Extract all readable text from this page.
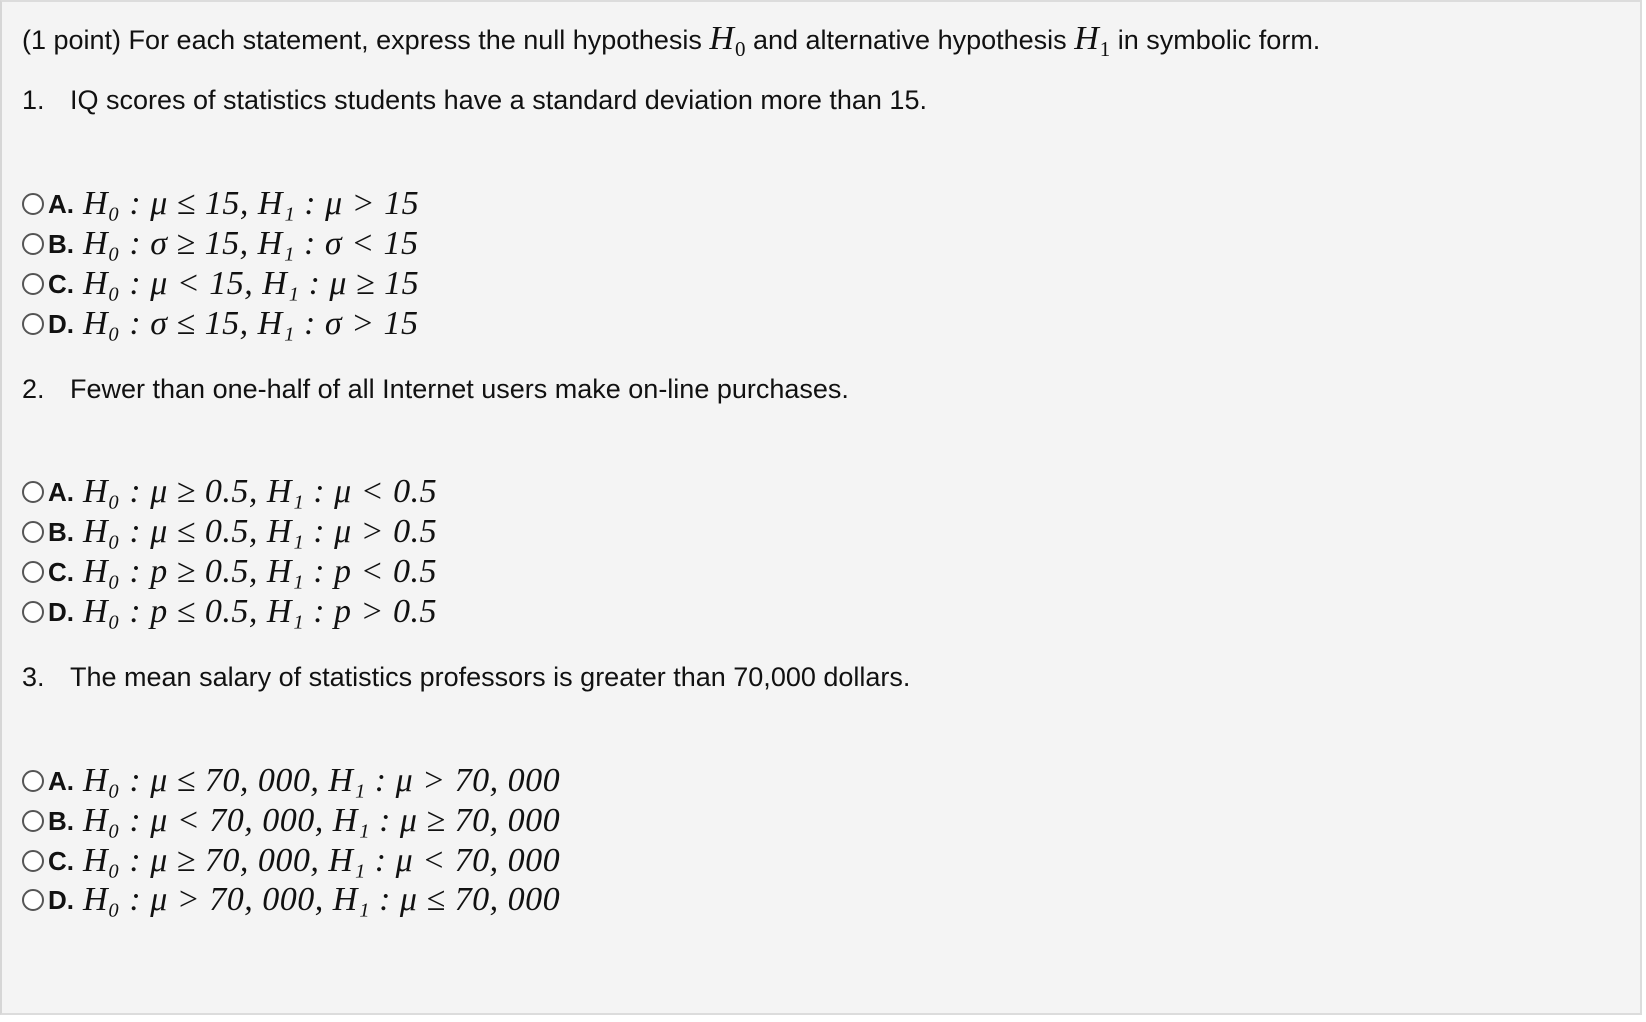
(1 point) For each statement, express the null hypothesis $H_0$ and alternative hypothesis $H_1$ in symbolic form.
1. IQ scores of statistics students have a standard deviation more than 15.
A. H₀ : μ ≤ 15, H₁ : μ > 15
B. H₀ : σ ≥ 15, H₁ : σ < 15
C. H₀ : μ < 15, H₁ : μ ≥ 15
D. H₀ : σ ≤ 15, H₁ : σ > 15
2. Fewer than one-half of all Internet users make on-line purchases.
A. H₀ : μ ≥ 0.5, H₁ : μ < 0.5
B. H₀ : μ ≤ 0.5, H₁ : μ > 0.5
C. H₀ : p ≥ 0.5, H₁ : p < 0.5
D. H₀ : p ≤ 0.5, H₁ : p > 0.5
3. The mean salary of statistics professors is greater than 70,000 dollars.
A. H₀ : μ ≤ 70, 000, H₁ : μ > 70, 000
B. H₀ : μ < 70, 000, H₁ : μ ≥ 70, 000
C. H₀ : μ ≥ 70, 000, H₁ : μ < 70, 000
D. H₀ : μ > 70, 000, H₁ : μ ≤ 70, 000
